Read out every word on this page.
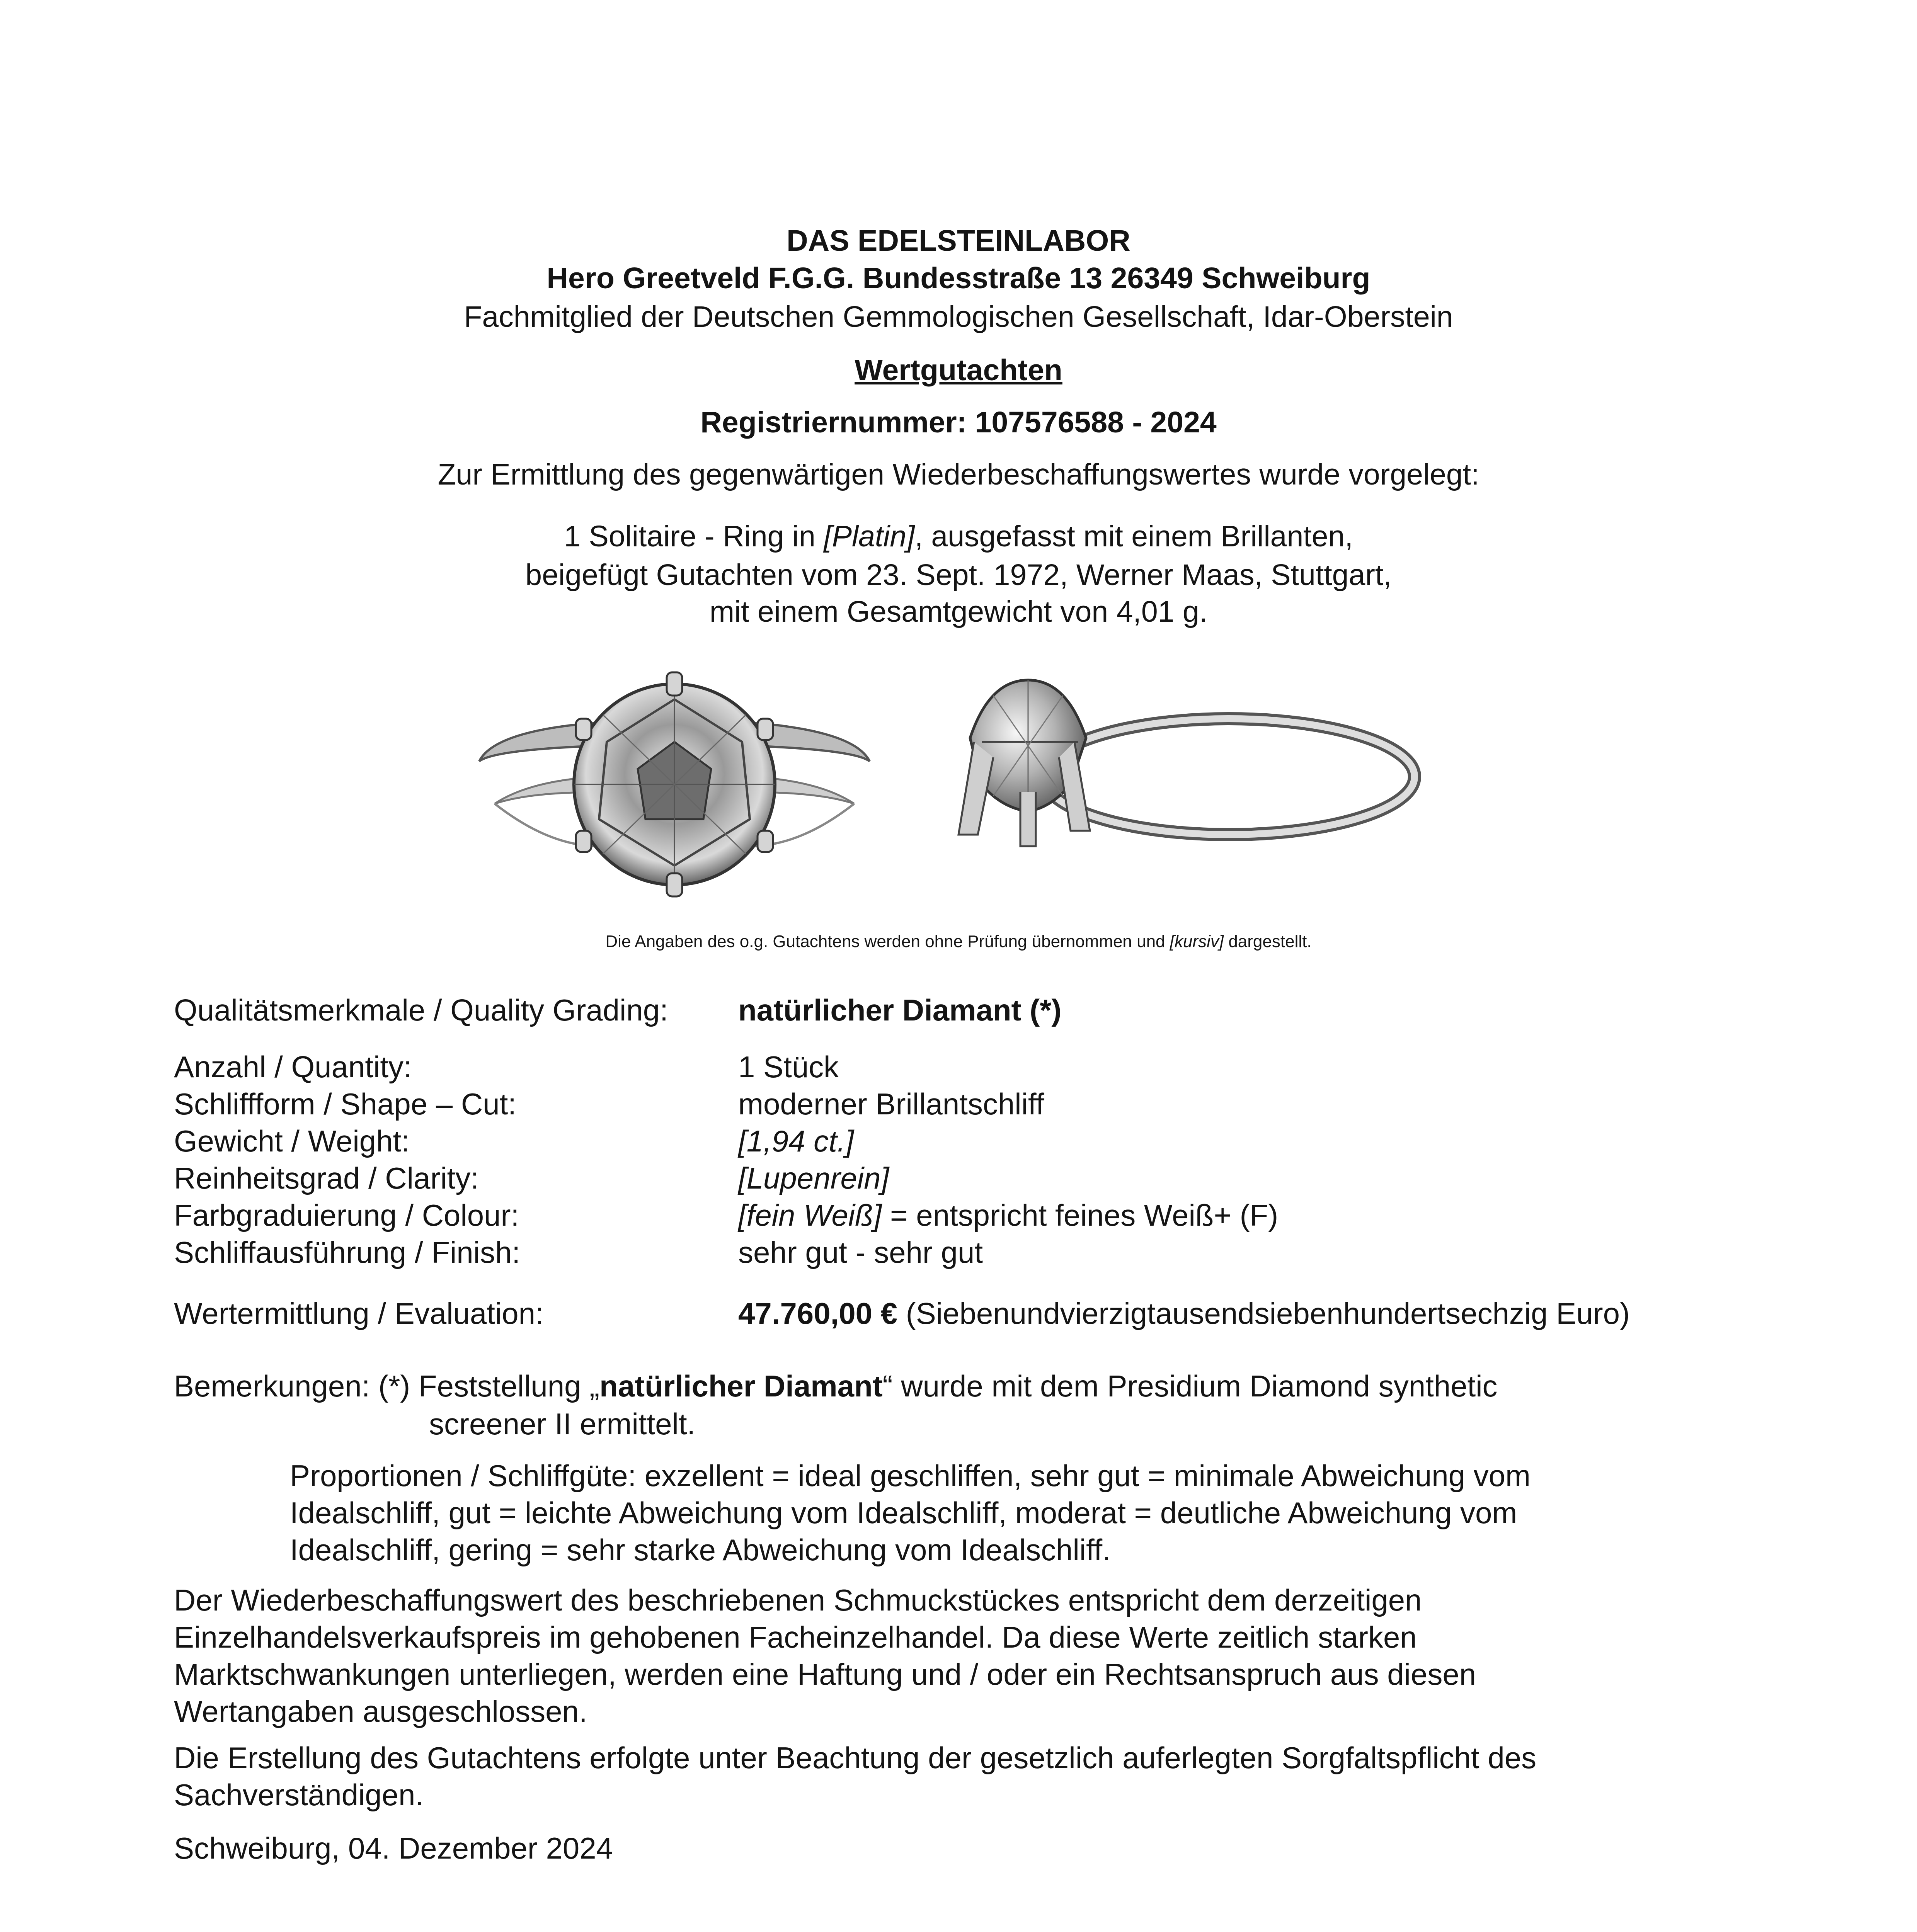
DAS EDELSTEINLABOR
Hero Greetveld F.G.G. Bundesstraße 13 26349 Schweiburg
Fachmitglied der Deutschen Gemmologischen Gesellschaft, Idar-Oberstein
Wertgutachten
Registriernummer: 107576588 - 2024
Zur Ermittlung des gegenwärtigen Wiederbeschaffungswertes wurde vorgelegt:
1 Solitaire - Ring in [Platin], ausgefasst mit einem Brillanten,
beigefügt Gutachten vom 23. Sept. 1972, Werner Maas, Stuttgart,
mit einem Gesamtgewicht von 4,01 g.
Die Angaben des o.g. Gutachtens werden ohne Prüfung übernommen und [kursiv] dargestellt.
Qualitätsmerkmale / Quality Grading: natürlicher Diamant (*)
Anzahl / Quantity:	1 Stück
Schliffform / Shape – Cut:	moderner Brillantschliff
Gewicht / Weight:	[1,94 ct.]
Reinheitsgrad / Clarity:	[Lupenrein]
Farbgraduierung / Colour:	[fein Weiß] = entspricht feines Weiß+ (F)
Schliffausführung / Finish:	sehr gut - sehr gut
Wertermittlung / Evaluation:	47.760,00 € (Siebenundvierzigtausendsiebenhundertsechzig Euro)
Bemerkungen: (*) Feststellung „natürlicher Diamant“ wurde mit dem Presidium Diamond synthetic
screener II ermittelt.
Proportionen / Schliffgüte: exzellent = ideal geschliffen, sehr gut = minimale Abweichung vom
Idealschliff, gut = leichte Abweichung vom Idealschliff, moderat = deutliche Abweichung vom
Idealschliff, gering = sehr starke Abweichung vom Idealschliff.
Der Wiederbeschaffungswert des beschriebenen Schmuckstückes entspricht dem derzeitigen
Einzelhandelsverkaufspreis im gehobenen Facheinzelhandel. Da diese Werte zeitlich starken
Marktschwankungen unterliegen, werden eine Haftung und / oder ein Rechtsanspruch aus diesen
Wertangaben ausgeschlossen.
Die Erstellung des Gutachtens erfolgte unter Beachtung der gesetzlich auferlegten Sorgfaltspflicht des
Sachverständigen.
Schweiburg, 04. Dezember 2024
